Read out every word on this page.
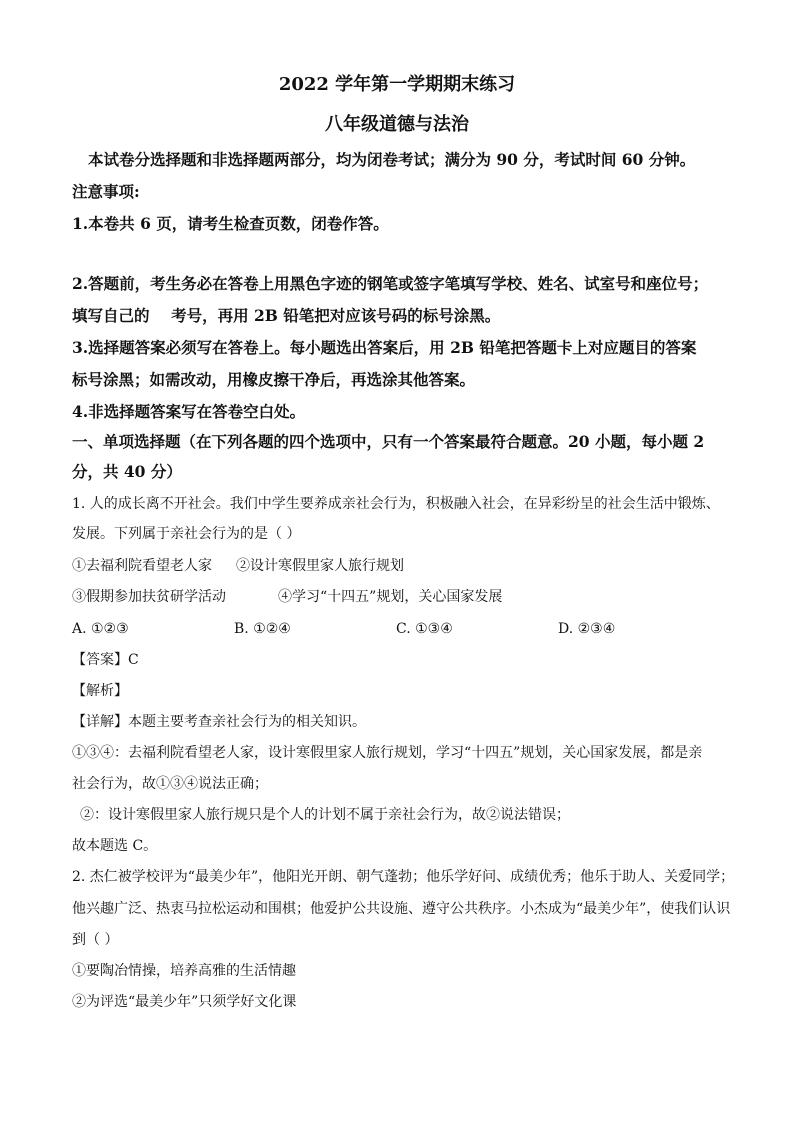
2022 学年第一学期期末练习
八年级道德与法治
本试卷分选择题和非选择题两部分，均为闭卷考试；满分为 90 分，考试时间 60 分钟。
注意事项:
1.本卷共 6 页，请考生检查页数，闭卷作答。
2.答题前，考生务必在答卷上用黑色字迹的钢笔或签字笔填写学校、姓名、试室号和座位号；
填写自己的    考号，再用 2B 铅笔把对应该号码的标号涂黑。
3.选择题答案必须写在答卷上。每小题选出答案后，用 2B 铅笔把答题卡上对应题目的答案
标号涂黑；如需改动，用橡皮擦干净后，再选涂其他答案。
4.非选择题答案写在答卷空白处。
一、单项选择题（在下列各题的四个选项中，只有一个答案最符合题意。20 小题，每小题 2
分，共 40 分）
1. 人的成长离不开社会。我们中学生要养成亲社会行为，积极融入社会，在异彩纷呈的社会生活中锻炼、
发展。下列属于亲社会行为的是（ ）
①去福利院看望老人家 ②设计寒假里家人旅行规划
③假期参加扶贫研学活动	④学习“十四五”规划，关心国家发展
A. ①②③	B. ①②④	C. ①③④	D. ②③④
【答案】C
【解析】
【详解】本题主要考查亲社会行为的相关知识。
①③④：去福利院看望老人家，设计寒假里家人旅行规划，学习“十四五”规划，关心国家发展，都是亲
社会行为，故①③④说法正确；
②：设计寒假里家人旅行规只是个人的计划不属于亲社会行为，故②说法错误；
故本题选 C。
2. 杰仁被学校评为“最美少年”，他阳光开朗、朝气蓬勃；他乐学好问、成绩优秀；他乐于助人、关爱同学；
他兴趣广泛、热衷马拉松运动和围棋；他爱护公共设施、遵守公共秩序。小杰成为“最美少年”，使我们认识
到（ ）
①要陶冶情操，培养高雅的生活情趣
②为评选“最美少年”只须学好文化课
